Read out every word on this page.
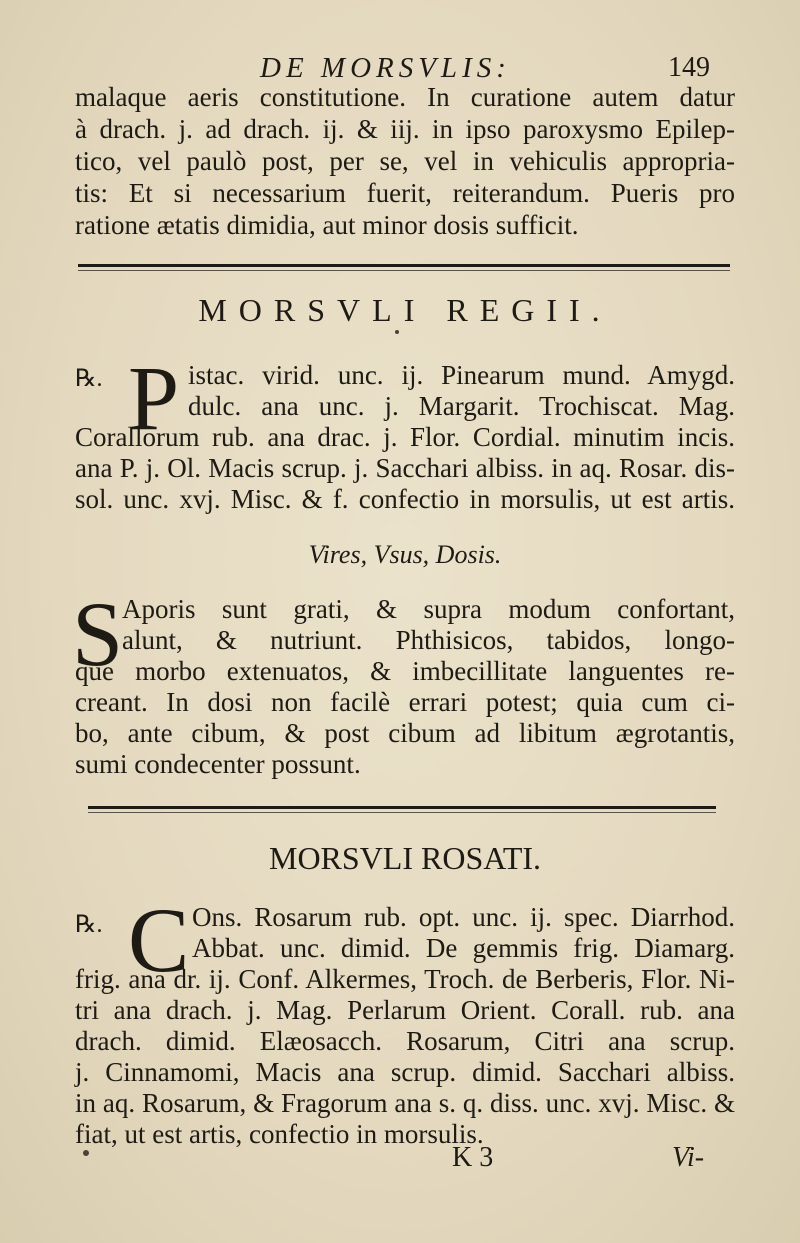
DE MORSVLIS:	149
malaque aeris constitutione. In curatione autem datur
à drach. j. ad drach. ij. & iij. in ipso paroxysmo Epilep-
tico, vel paulò post, per se, vel in vehiculis appropria-
tis: Et si necessarium fuerit, reiterandum. Pueris pro
ratione ætatis dimidia, aut minor dosis sufficit.
MORSVLI REGII.
℞. P istac. virid. unc. ij. Pinearum mund. Amygd.
dulc. ana unc. j. Margarit. Trochiscat. Mag.
Corallorum rub. ana drac. j. Flor. Cordial. minutim incis.
ana P. j. Ol. Macis scrup. j. Sacchari albiss. in aq. Rosar. dis-
sol. unc. xvj. Misc. & f. confectio in morsulis, ut est artis.
Vires, Vsus, Dosis.
S
Aporis sunt grati, & supra modum confortant,
alunt, & nutriunt. Phthisicos, tabidos, longo-
que morbo extenuatos, & imbecillitate languentes re-
creant. In dosi non facilè errari potest; quia cum ci-
bo, ante cibum, & post cibum ad libitum ægrotantis,
sumi condecenter possunt.
MORSVLI ROSATI.
℞. C Ons. Rosarum rub. opt. unc. ij. spec. Diarrhod.
Abbat. unc. dimid. De gemmis frig. Diamarg.
frig. ana dr. ij. Conf. Alkermes, Troch. de Berberis, Flor. Ni-
tri ana drach. j. Mag. Perlarum Orient. Corall. rub. ana
drach. dimid. Elæosacch. Rosarum, Citri ana scrup.
j. Cinnamomi, Macis ana scrup. dimid. Sacchari albiss.
in aq. Rosarum, & Fragorum ana s. q. diss. unc. xvj. Misc. &
fiat, ut est artis, confectio in morsulis.
K 3	Vi-
